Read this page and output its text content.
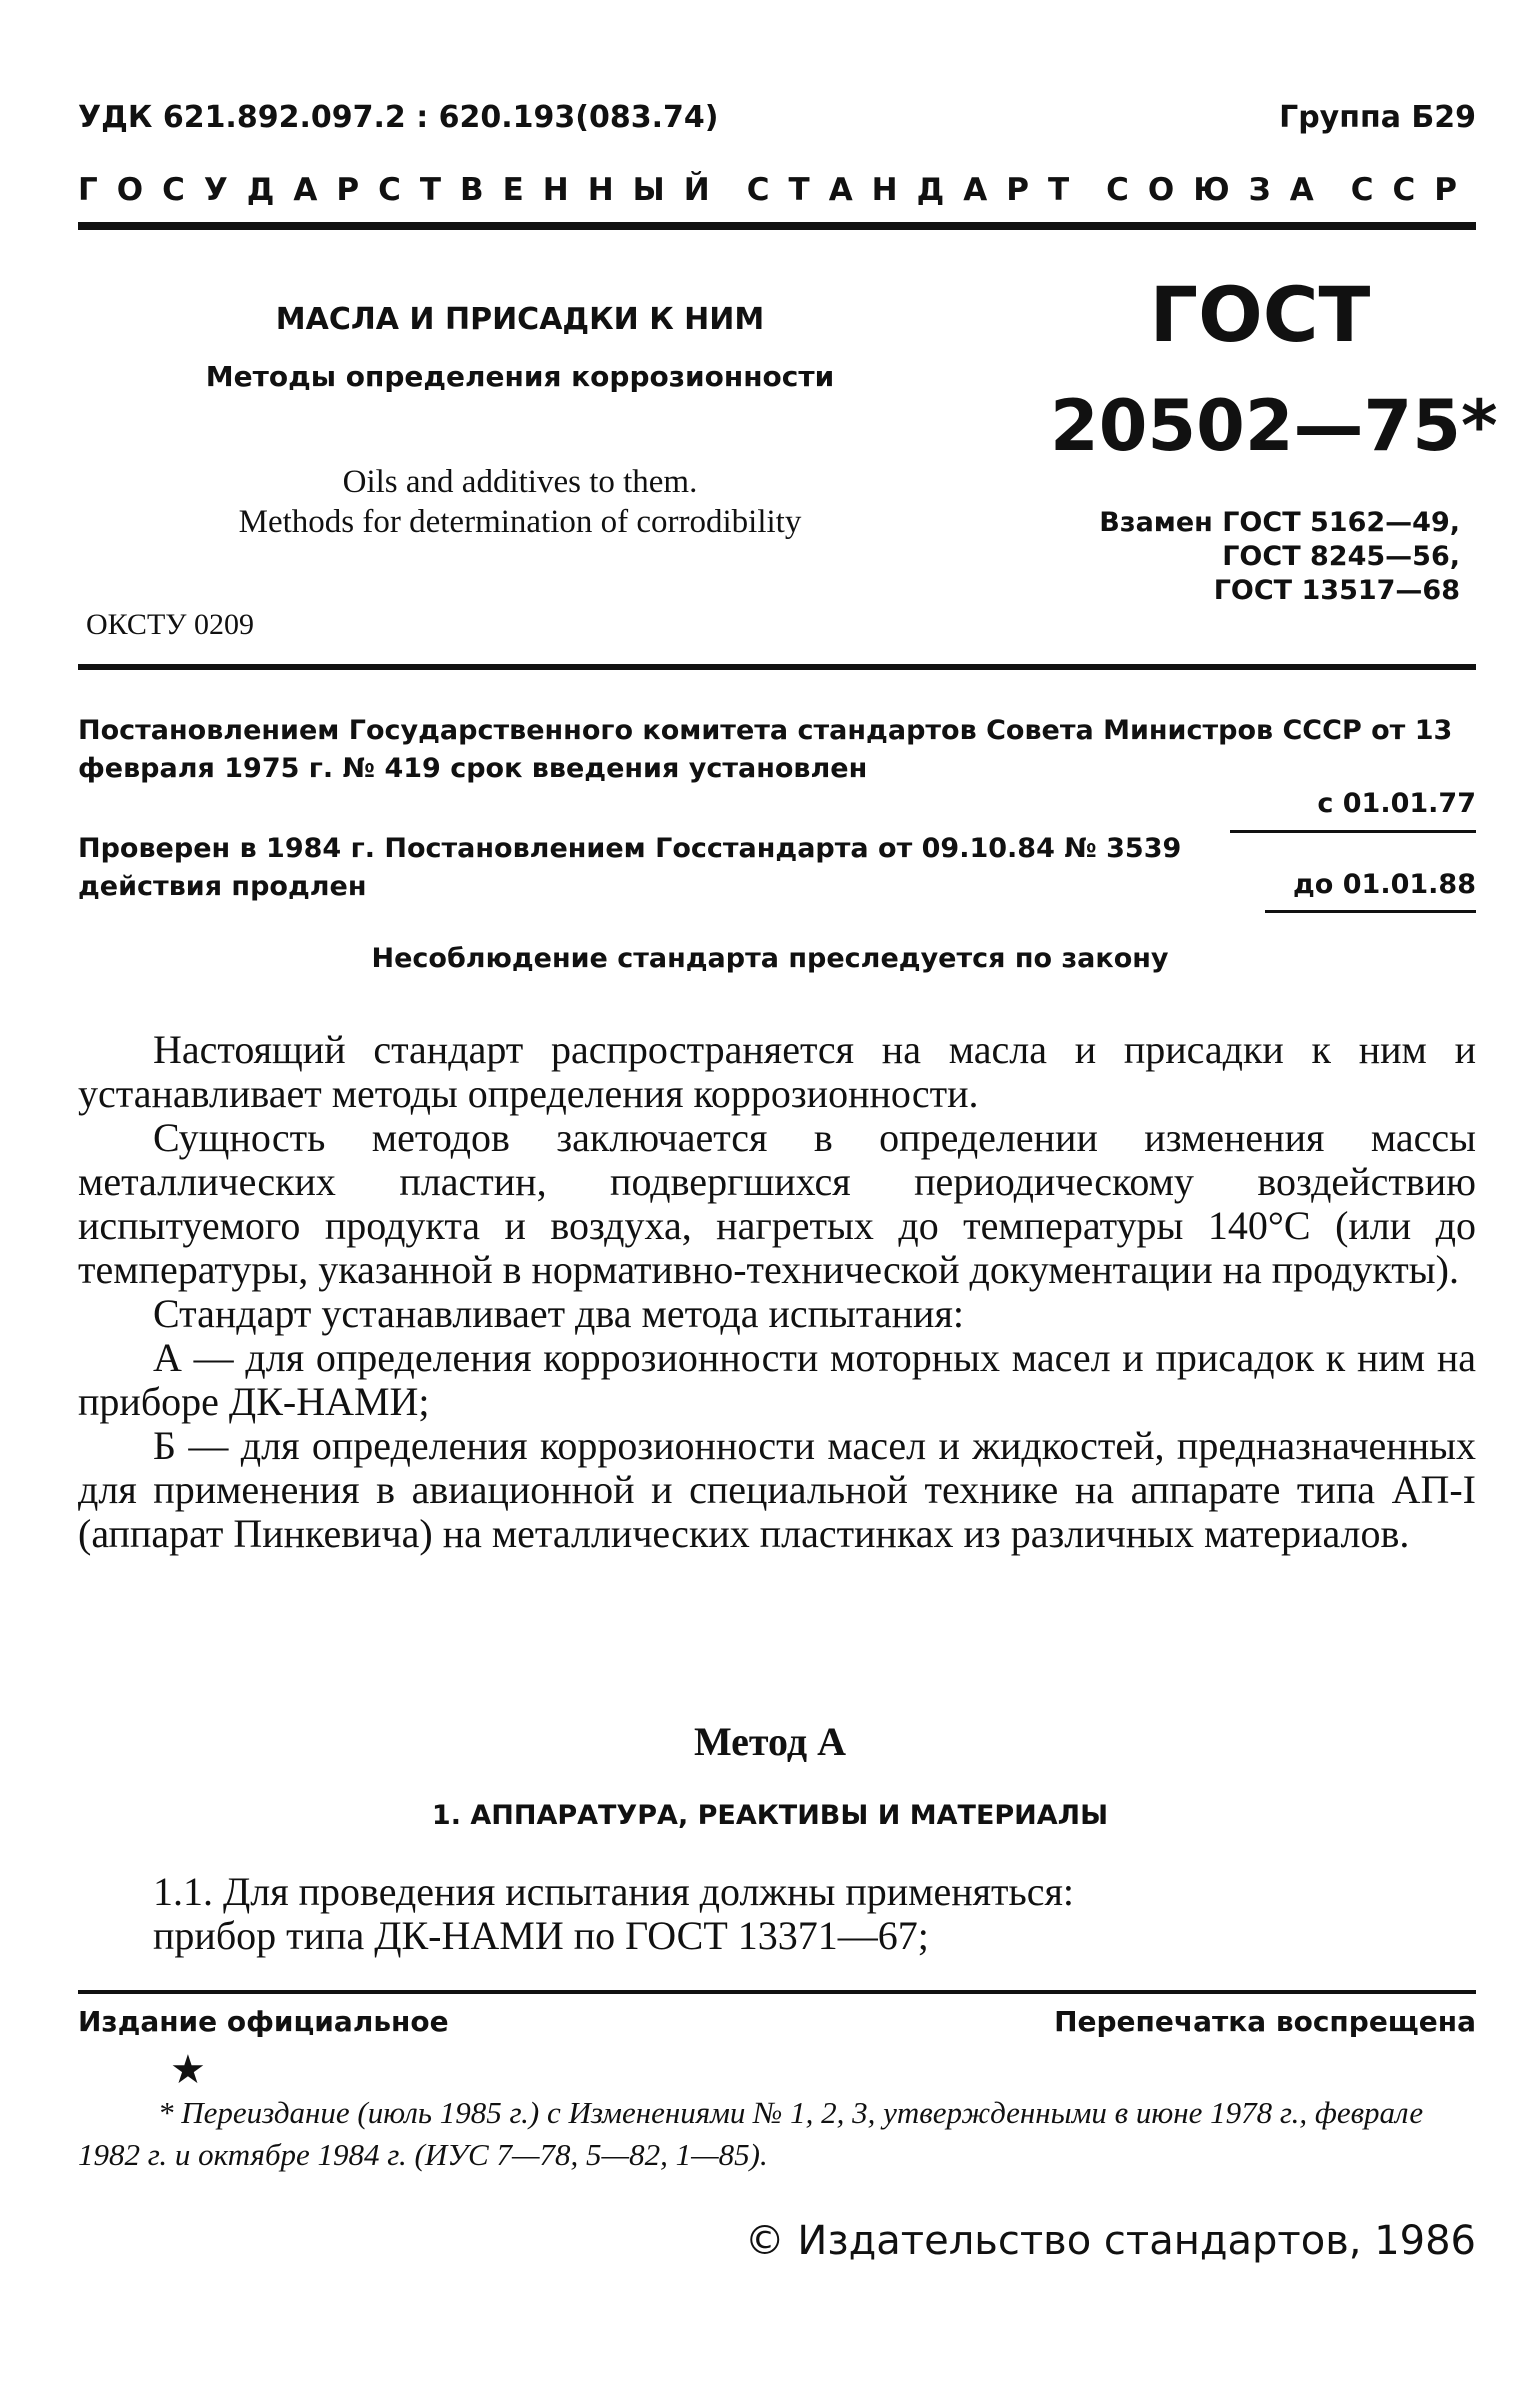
УДК 621.892.097.2 : 620.193(083.74)	Группа Б29
ГОСУДАРСТВЕННЫЙ СТАНДАРТ СОЮЗА ССР
МАСЛА И ПРИСАДКИ К НИМ
Методы определения коррозионности
Oils and additives to them.
Methods for determination of corrodibility
ГОСТ
20502—75*
Взамен ГОСТ 5162—49,
ГОСТ 8245—56,
ГОСТ 13517—68
ОКСТУ 0209
Постановлением Государственного комитета стандартов Совета Министров СССР от 13 февраля 1975 г. № 419 срок введения установлен
с 01.01.77
Проверен в 1984 г. Постановлением Госстандарта от 09.10.84 № 3539 действия продлен	до 01.01.88
Несоблюдение стандарта преследуется по закону

Настоящий стандарт распространяется на масла и присадки к ним и устанавливает методы определения коррозионности.

Сущность методов заключается в определении изменения массы металлических пластин, подвергшихся периодическому воздействию испытуемого продукта и воздуха, нагретых до температуры 140°С (или до температуры, указанной в нормативно-технической документации на продукты).

Стандарт устанавливает два метода испытания:

А — для определения коррозионности моторных масел и присадок к ним на приборе ДК-НАМИ;

Б — для определения коррозионности масел и жидкостей, предназначенных для применения в авиационной и специальной технике на аппарате типа АП-I (аппарат Пинкевича) на металлических пластинках из различных материалов.

Метод А
1. АППАРАТУРА, РЕАКТИВЫ И МАТЕРИАЛЫ

1.1. Для проведения испытания должны применяться:

прибор типа ДК-НАМИ по ГОСТ 13371—67;

Издание официальное	Перепечатка воспрещена
★

* Переиздание (июль 1985 г.) с Изменениями № 1, 2, 3, утвержденными в июне 1978 г., феврале 1982 г. и октябре 1984 г. (ИУС 7—78, 5—82, 1—85).

© Издательство стандартов, 1986
